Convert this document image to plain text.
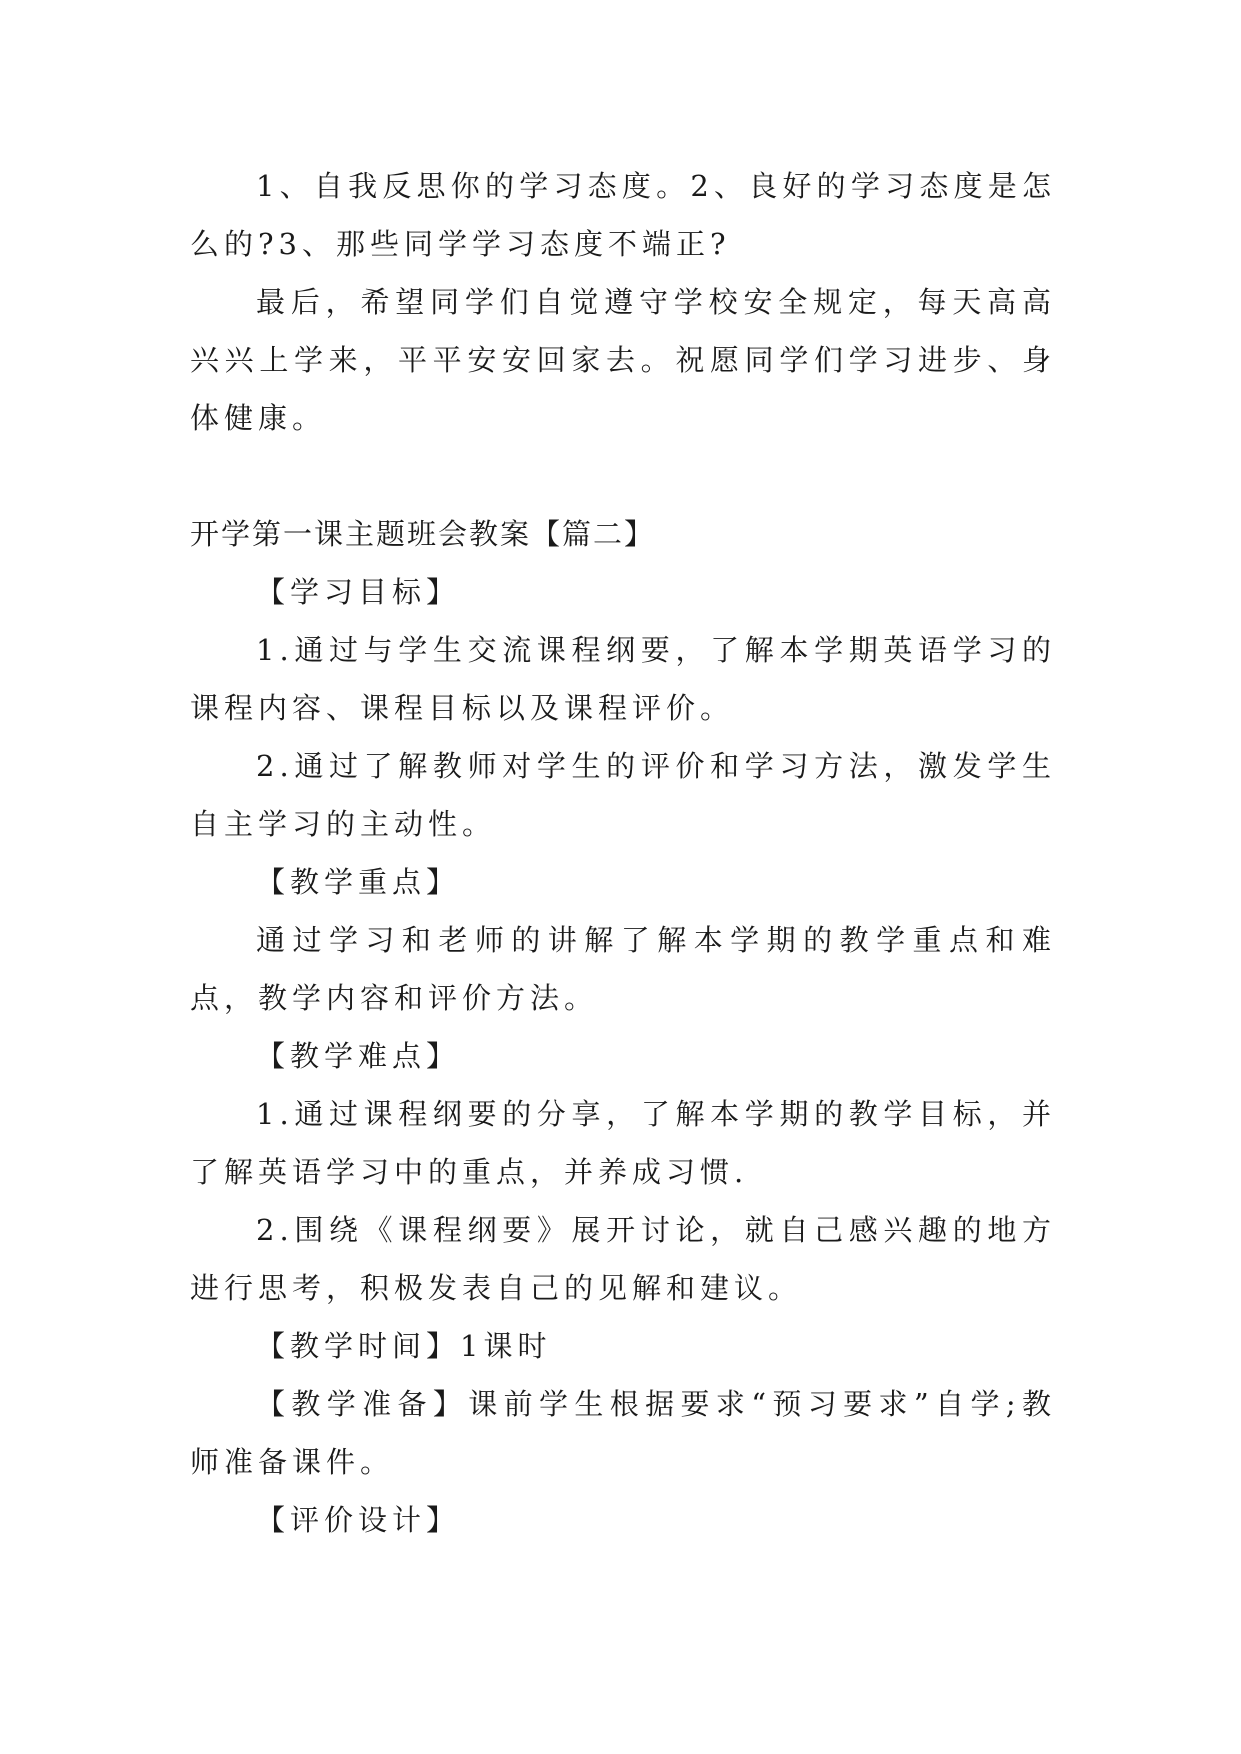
1、自我反思你的学习态度。2、良好的学习态度是怎么的?3、那些同学学习态度不端正?

最后，希望同学们自觉遵守学校安全规定，每天高高兴兴上学来，平平安安回家去。祝愿同学们学习进步、身体健康。

开学第一课主题班会教案【篇二】

【学习目标】

1.通过与学生交流课程纲要，了解本学期英语学习的课程内容、课程目标以及课程评价。

2.通过了解教师对学生的评价和学习方法，激发学生自主学习的主动性。

【教学重点】

通过学习和老师的讲解了解本学期的教学重点和难点，教学内容和评价方法。

【教学难点】

1.通过课程纲要的分享，了解本学期的教学目标，并了解英语学习中的重点，并养成习惯.

2.围绕《课程纲要》展开讨论，就自己感兴趣的地方进行思考，积极发表自己的见解和建议。

【教学时间】1课时

【教学准备】课前学生根据要求“预习要求”自学;教师准备课件。

【评价设计】
